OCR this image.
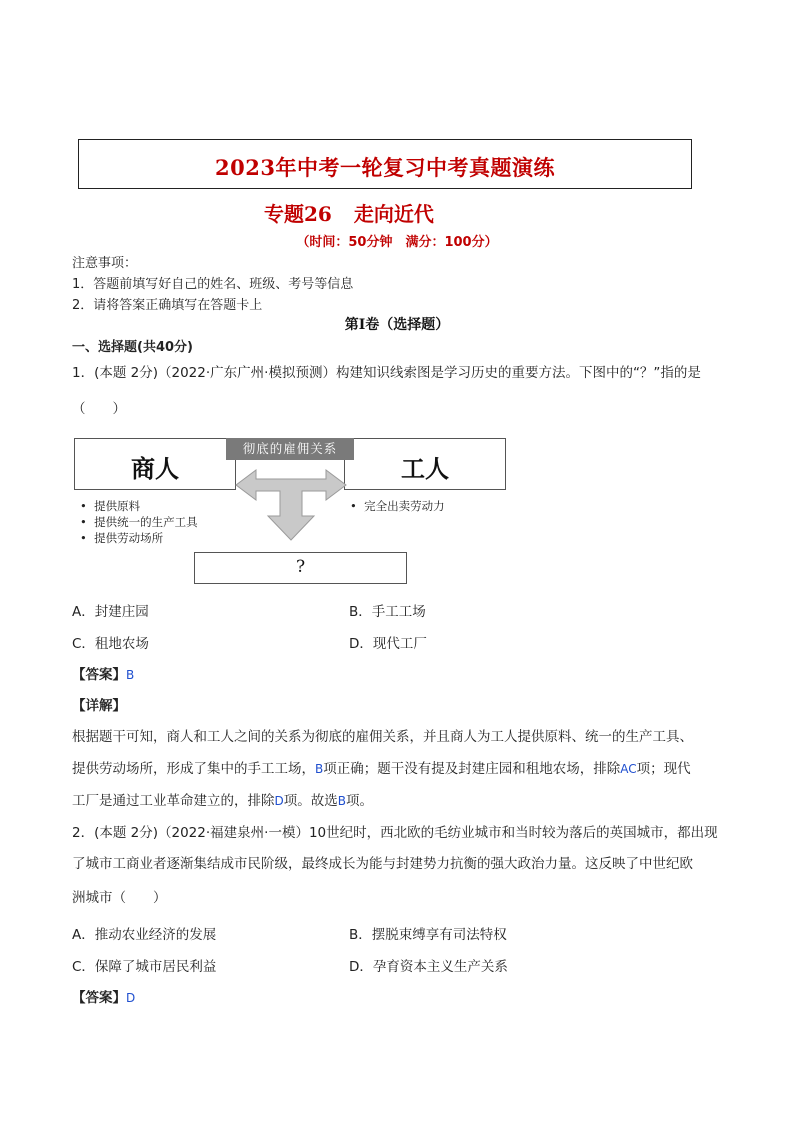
2023年中考一轮复习中考真题演练
专题26 走向近代
（时间：50分钟　满分：100分）
注意事项：
1．答题前填写好自己的姓名、班级、考号等信息
2．请将答案正确填写在答题卡上
第I卷（选择题）
一、选择题(共40分)
1．(本题 2分)（2022·广东广州·模拟预测）构建知识线索图是学习历史的重要方法。下图中的“？”指的是
（　　）
商人	工人
彻底的雇佣关系
•  提供原料
•  提供统一的生产工具
•  提供劳动场所
•  完全出卖劳动力
?
A．封建庄园	B．手工工场
C．租地农场	D．现代工厂
【答案】B
【详解】
根据题干可知，商人和工人之间的关系为彻底的雇佣关系，并且商人为工人提供原料、统一的生产工具、
提供劳动场所，形成了集中的手工工场，B项正确；题干没有提及封建庄园和租地农场，排除AC项；现代
工厂是通过工业革命建立的，排除D项。故选B项。
2．(本题 2分)（2022·福建泉州·一模）10世纪时，西北欧的毛纺业城市和当时较为落后的英国城市，都出现
了城市工商业者逐渐集结成市民阶级，最终成长为能与封建势力抗衡的强大政治力量。这反映了中世纪欧
洲城市（　　）
A．推动农业经济的发展	B．摆脱束缚享有司法特权
C．保障了城市居民利益	D．孕育资本主义生产关系
【答案】D
